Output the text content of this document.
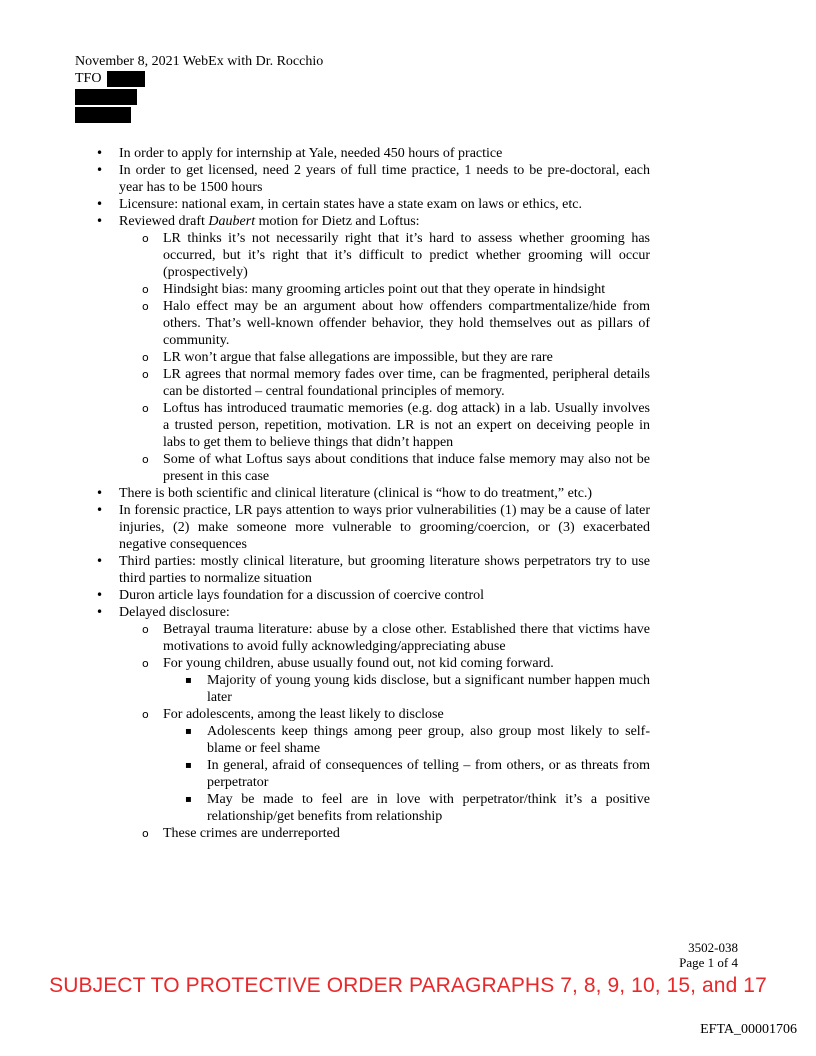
November 8, 2021 WebEx with Dr. Rocchio
TFO
• In order to apply for internship at Yale, needed 450 hours of practice
• In order to get licensed, need 2 years of full time practice, 1 needs to be pre-doctoral, each year has to be 1500 hours
• Licensure: national exam, in certain states have a state exam on laws or ethics, etc.
• Reviewed draft Daubert motion for Dietz and Loftus:
o LR thinks it’s not necessarily right that it’s hard to assess whether grooming has occurred, but it’s right that it’s difficult to predict whether grooming will occur (prospectively)
o Hindsight bias: many grooming articles point out that they operate in hindsight
o Halo effect may be an argument about how offenders compartmentalize/hide from others. That’s well-known offender behavior, they hold themselves out as pillars of community.
o LR won’t argue that false allegations are impossible, but they are rare
o LR agrees that normal memory fades over time, can be fragmented, peripheral details can be distorted – central foundational principles of memory.
o Loftus has introduced traumatic memories (e.g. dog attack) in a lab. Usually involves a trusted person, repetition, motivation. LR is not an expert on deceiving people in labs to get them to believe things that didn’t happen
o Some of what Loftus says about conditions that induce false memory may also not be present in this case
• There is both scientific and clinical literature (clinical is “how to do treatment,” etc.)
• In forensic practice, LR pays attention to ways prior vulnerabilities (1) may be a cause of later injuries, (2) make someone more vulnerable to grooming/coercion, or (3) exacerbated negative consequences
• Third parties: mostly clinical literature, but grooming literature shows perpetrators try to use third parties to normalize situation
• Duron article lays foundation for a discussion of coercive control
• Delayed disclosure:
o Betrayal trauma literature: abuse by a close other. Established there that victims have motivations to avoid fully acknowledging/appreciating abuse
o For young children, abuse usually found out, not kid coming forward.
▪ Majority of young young kids disclose, but a significant number happen much later
o For adolescents, among the least likely to disclose
▪ Adolescents keep things among peer group, also group most likely to self-blame or feel shame
▪ In general, afraid of consequences of telling – from others, or as threats from perpetrator
▪ May be made to feel are in love with perpetrator/think it’s a positive relationship/get benefits from relationship
o These crimes are underreported
3502-038
Page 1 of 4
SUBJECT TO PROTECTIVE ORDER PARAGRAPHS 7, 8, 9, 10, 15, and 17
EFTA_00001706
